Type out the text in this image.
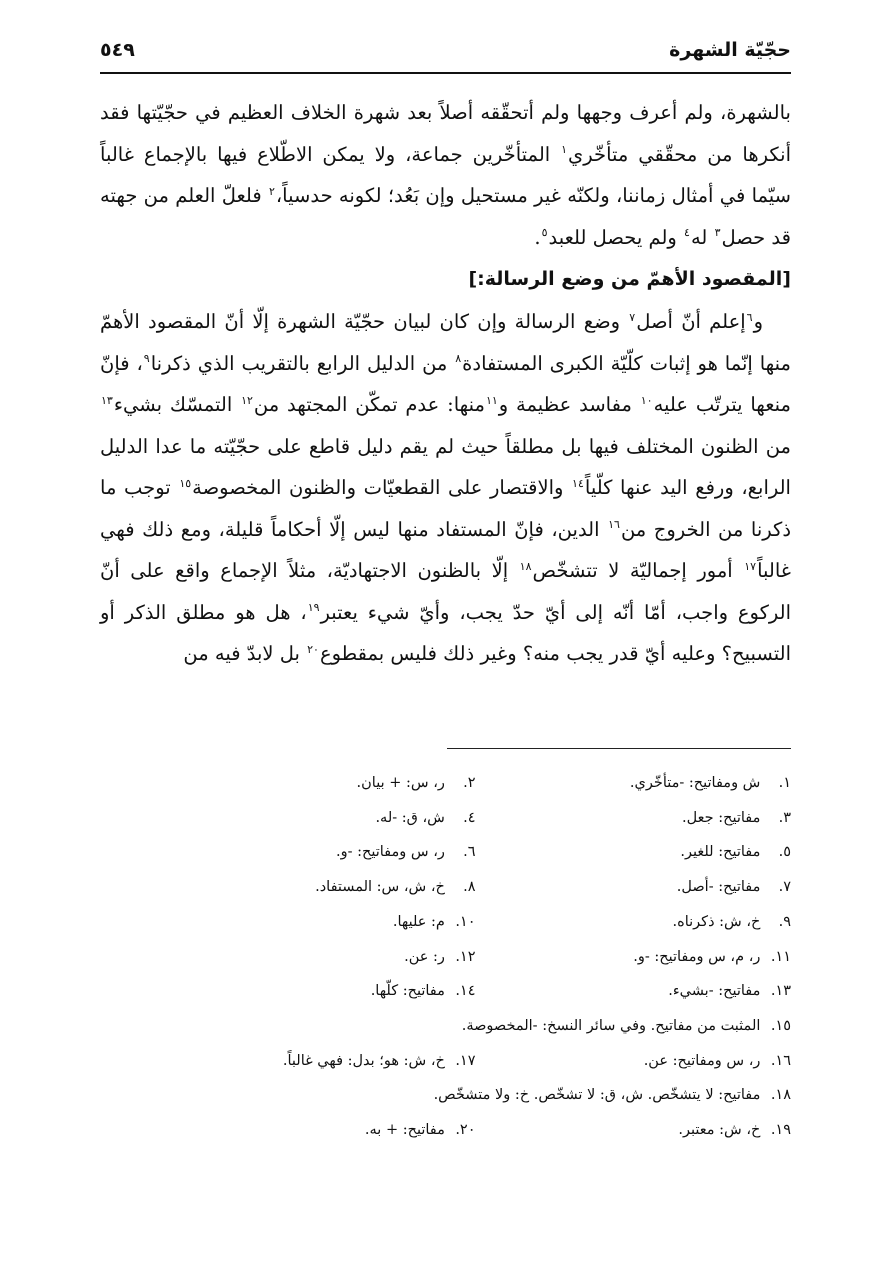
حجّيّة الشهرة
٥٤٩

بالشهرة، ولم أعرف وجهها ولم أتحقّقه أصلاً بعد شهرة الخلاف العظيم في حجّيّتها فقد أنكرها من محقّقي متأخّري$^١$ المتأخّرين جماعة، ولا يمكن الاطّلاع فيها بالإجماع غالباً سيّما في أمثال زماننا، ولكنّه غير مستحيل وإن بَعُد؛ لكونه حدسياً،$^٢$ فلعلّ العلم من جهته قد حصل$^٣$ له$^٤$ ولم يحصل للعبد$^٥$.

[المقصود الأهمّ من وضع الرسالة:]

و$^٦$إعلم أنّ أصل$^٧$ وضع الرسالة وإن كان لبيان حجّيّة الشهرة إلّا أنّ المقصود الأهمّ منها إنّما هو إثبات كلّيّة الكبرى المستفادة$^٨$ من الدليل الرابع بالتقريب الذي ذكرنا$^٩$، فإنّ منعها يترتّب عليه$^{١٠}$ مفاسد عظيمة و$^{١١}$منها: عدم تمكّن المجتهد من$^{١٢}$ التمسّك بشيء$^{١٣}$ من الظنون المختلف فيها بل مطلقاً حيث لم يقم دليل قاطع على حجّيّته ما عدا الدليل الرابع، ورفع اليد عنها كلّياً$^{١٤}$ والاقتصار على القطعيّات والظنون المخصوصة$^{١٥}$ توجب ما ذكرنا من الخروج من$^{١٦}$ الدين، فإنّ المستفاد منها ليس إلّا أحكاماً قليلة، ومع ذلك فهي غالباً$^{١٧}$ أمور إجماليّة لا تتشخّص$^{١٨}$ إلّا بالظنون الاجتهاديّة، مثلاً الإجماع واقع على أنّ الركوع واجب، أمّا أنّه إلى أيّ حدّ يجب، وأيّ شيء يعتبر$^{١٩}$، هل هو مطلق الذكر أو التسبيح؟ وعليه أيّ قدر يجب منه؟ وغير ذلك فليس بمقطوع$^{٢٠}$ بل لابدّ فيه من

١. ش ومفاتيح: -متأخّري.
٢. ر، س: + بيان.
٣. مفاتيح: جعل.
٤. ش، ق: -له.
٥. مفاتيح: للغير.
٦. ر، س ومفاتيح: -و.
٧. مفاتيح: -أصل.
٨. خ، ش، س: المستفاد.
٩. خ، ش: ذكرناه.
١٠. م: عليها.
١١. ر، م، س ومفاتيح: -و.
١٢. ر: عن.
١٣. مفاتيح: -بشيء.
١٤. مفاتيح: كلّها.
١٥. المثبت من مفاتيح. وفي سائر النسخ: -المخصوصة.
١٦. ر، س ومفاتيح: عن.
١٧. خ، ش: هو؛ بدل: فهي غالباً.
١٨. مفاتيح: لا يتشخّص. ش، ق: لا تشخّص. خ: ولا متشخّص.
١٩. خ، ش: معتبر.
٢٠. مفاتيح: + به.
